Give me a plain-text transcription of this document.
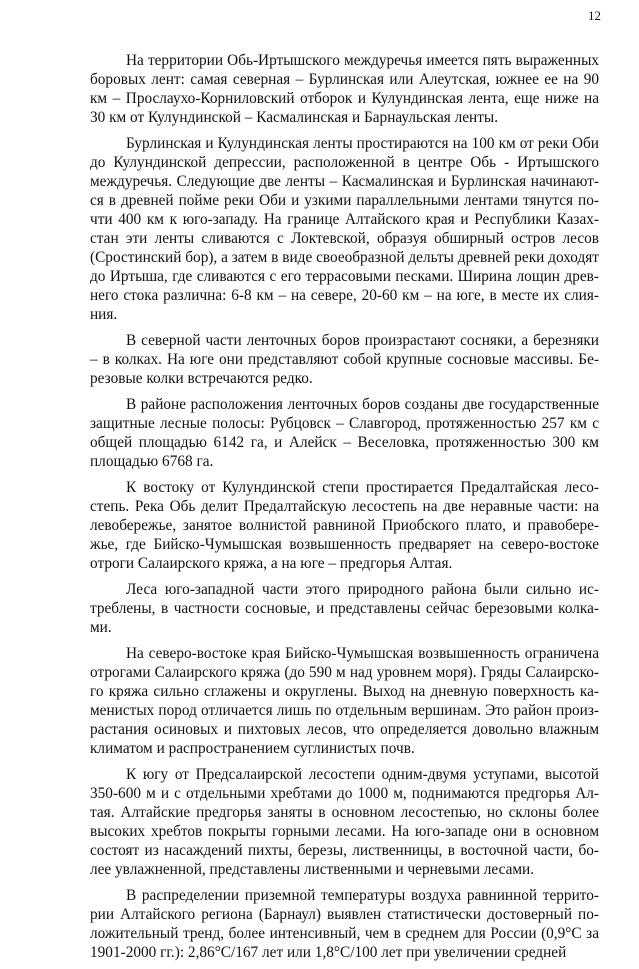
12

На территории Обь-Иртышского междуречья имеется пять выраженных боровых лент: самая северная – Бурлинская или Алеутская, южнее ее на 90 км – Прослаухо-Корниловский отборок и Кулундинская лента, еще ниже на 30 км от Кулундинской – Касмалинская и Барнаульская ленты.

Бурлинская и Кулундинская ленты простираются на 100 км от реки Оби до Кулундинской депрессии, расположенной в центре Обь - Иртышского междуречья. Следующие две ленты – Касмалинская и Бурлинская начинаются в древней пойме реки Оби и узкими параллельными лентами тянутся почти 400 км к юго-западу. На границе Алтайского края и Республики Казахстан эти ленты сливаются с Локтевской, образуя обширный остров лесов (Сростинский бор), а затем в виде своеобразной дельты древней реки доходят до Иртыша, где сливаются с его террасовыми песками. Ширина лощин древнего стока различна: 6-8 км – на севере, 20-60 км – на юге, в месте их слияния.

В северной части ленточных боров произрастают сосняки, а березняки – в колках. На юге они представляют собой крупные сосновые массивы. Березовые колки встречаются редко.

В районе расположения ленточных боров созданы две государственные защитные лесные полосы: Рубцовск – Славгород, протяженностью 257 км с общей площадью 6142 га, и Алейск – Веселовка, протяженностью 300 км площадью 6768 га.

К востоку от Кулундинской степи простирается Предалтайская лесостепь. Река Обь делит Предалтайскую лесостепь на две неравные части: на левобережье, занятое волнистой равниной Приобского плато, и правобережье, где Бийско-Чумышская возвышенность предваряет на северо-востоке отроги Салаирского кряжа, а на юге – предгорья Алтая.

Леса юго-западной части этого природного района были сильно истреблены, в частности сосновые, и представлены сейчас березовыми колками.

На северо-востоке края Бийско-Чумышская возвышенность ограничена отрогами Салаирского кряжа (до 590 м над уровнем моря). Гряды Салаирского кряжа сильно сглажены и округлены. Выход на дневную поверхность каменистых пород отличается лишь по отдельным вершинам. Это район произрастания осиновых и пихтовых лесов, что определяется довольно влажным климатом и распространением суглинистых почв.

К югу от Предсалаирской лесостепи одним-двумя уступами, высотой 350-600 м и с отдельными хребтами до 1000 м, поднимаются предгорья Алтая. Алтайские предгорья заняты в основном лесостепью, но склоны более высоких хребтов покрыты горными лесами. На юго-западе они в основном состоят из насаждений пихты, березы, лиственницы, в восточной части, более увлажненной, представлены лиственными и черневыми лесами.

В распределении приземной температуры воздуха равнинной территории Алтайского региона (Барнаул) выявлен статистически достоверный положительный тренд, более интенсивный, чем в среднем для России (0,9°С за 1901-2000 гг.): 2,86°С/167 лет или 1,8°С/100 лет при увеличении средней
